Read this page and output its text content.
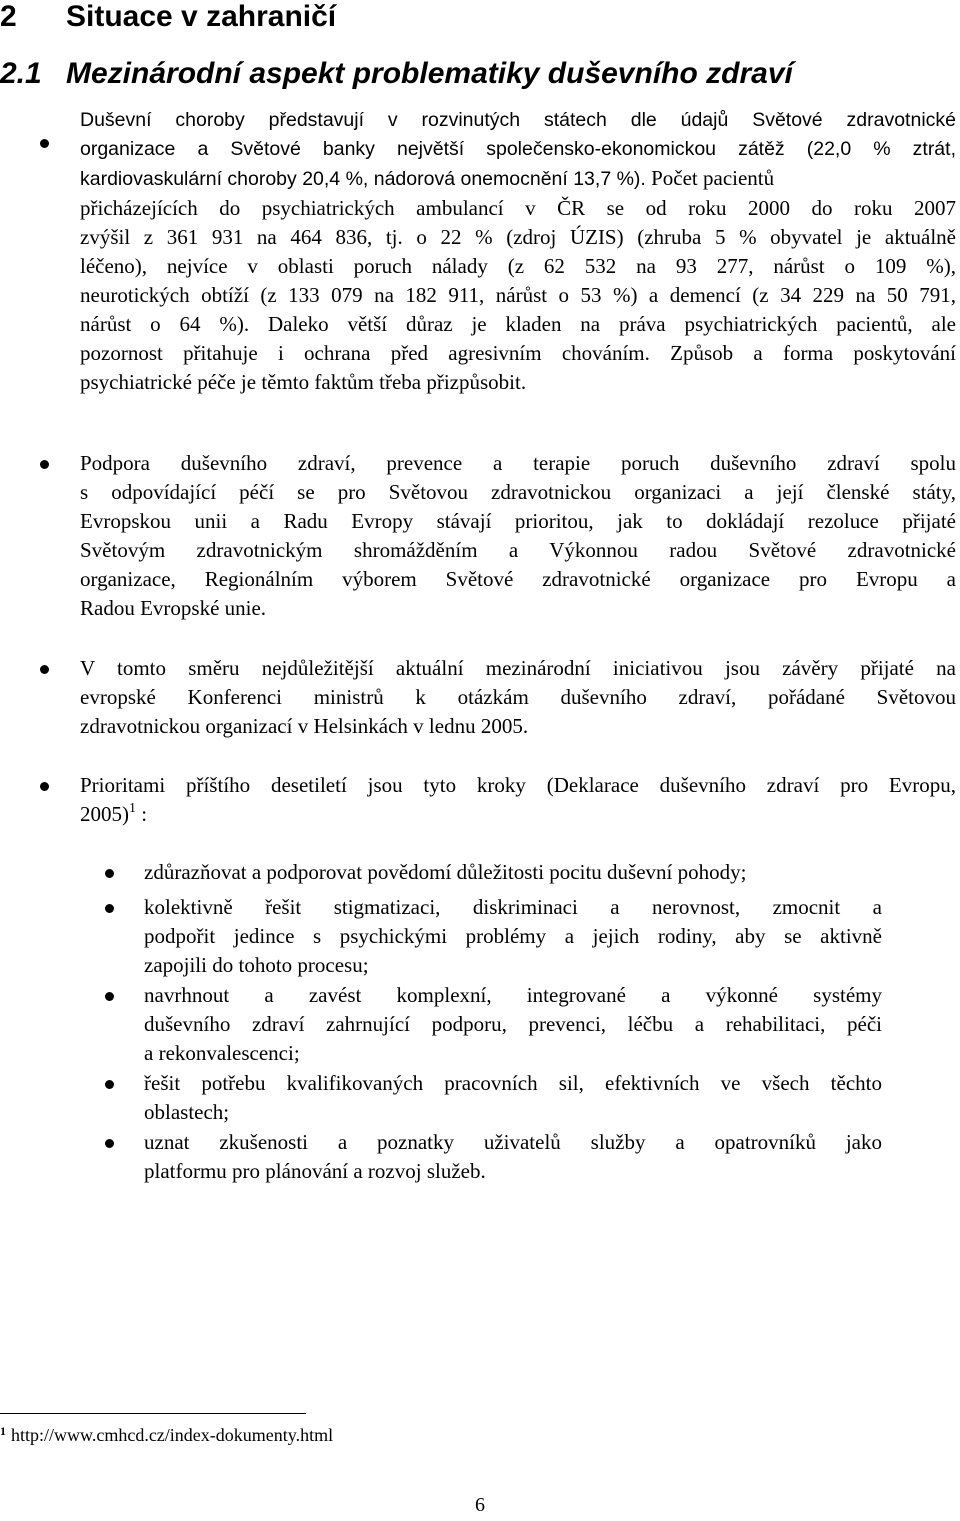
2 Situace v zahraničí
2.1 Mezinárodní aspekt problematiky duševního zdraví
Duševní choroby představují v rozvinutých státech dle údajů Světové zdravotnické
organizace a Světové banky největší společensko-ekonomickou zátěž (22,0 % ztrát,
kardiovaskulární choroby 20,4 %, nádorová onemocnění 13,7 %). Počet pacientů
přicházejících do psychiatrických ambulancí v ČR se od roku 2000 do roku 2007
zvýšil z 361 931 na 464 836, tj. o 22 % (zdroj ÚZIS) (zhruba 5 % obyvatel je aktuálně
léčeno), nejvíce v oblasti poruch nálady (z 62 532 na 93 277, nárůst o 109 %),
neurotických obtíží (z 133 079 na 182 911, nárůst o 53 %) a demencí (z 34 229 na 50 791,
nárůst o 64 %). Daleko větší důraz je kladen na práva psychiatrických pacientů, ale
pozornost přitahuje i ochrana před agresivním chováním. Způsob a forma poskytování
psychiatrické péče je těmto faktům třeba přizpůsobit.
Podpora duševního zdraví, prevence a terapie poruch duševního zdraví spolu
s odpovídající péčí se pro Světovou zdravotnickou organizaci a její členské státy,
Evropskou unii a Radu Evropy stávají prioritou, jak to dokládají rezoluce přijaté
Světovým zdravotnickým shromážděním a Výkonnou radou Světové zdravotnické
organizace, Regionálním výborem Světové zdravotnické organizace pro Evropu a
Radou Evropské unie.
V tomto směru nejdůležitější aktuální mezinárodní iniciativou jsou závěry přijaté na
evropské Konferenci ministrů k otázkám duševního zdraví, pořádané Světovou
zdravotnickou organizací v Helsinkách v lednu 2005.
Prioritami příštího desetiletí jsou tyto kroky (Deklarace duševního zdraví pro Evropu,
2005)$^1$ :
zdůrazňovat a podporovat povědomí důležitosti pocitu duševní pohody;
kolektivně řešit stigmatizaci, diskriminaci a nerovnost, zmocnit a
podpořit jedince s psychickými problémy a jejich rodiny, aby se aktivně
zapojili do tohoto procesu;
navrhnout a zavést komplexní, integrované a výkonné systémy
duševního zdraví zahrnující podporu, prevenci, léčbu a rehabilitaci, péči
a rekonvalescenci;
řešit potřebu kvalifikovaných pracovních sil, efektivních ve všech těchto
oblastech;
uznat zkušenosti a poznatky uživatelů služby a opatrovníků jako
platformu pro plánování a rozvoj služeb.
$^1$ http://www.cmhcd.cz/index-dokumenty.html
6
